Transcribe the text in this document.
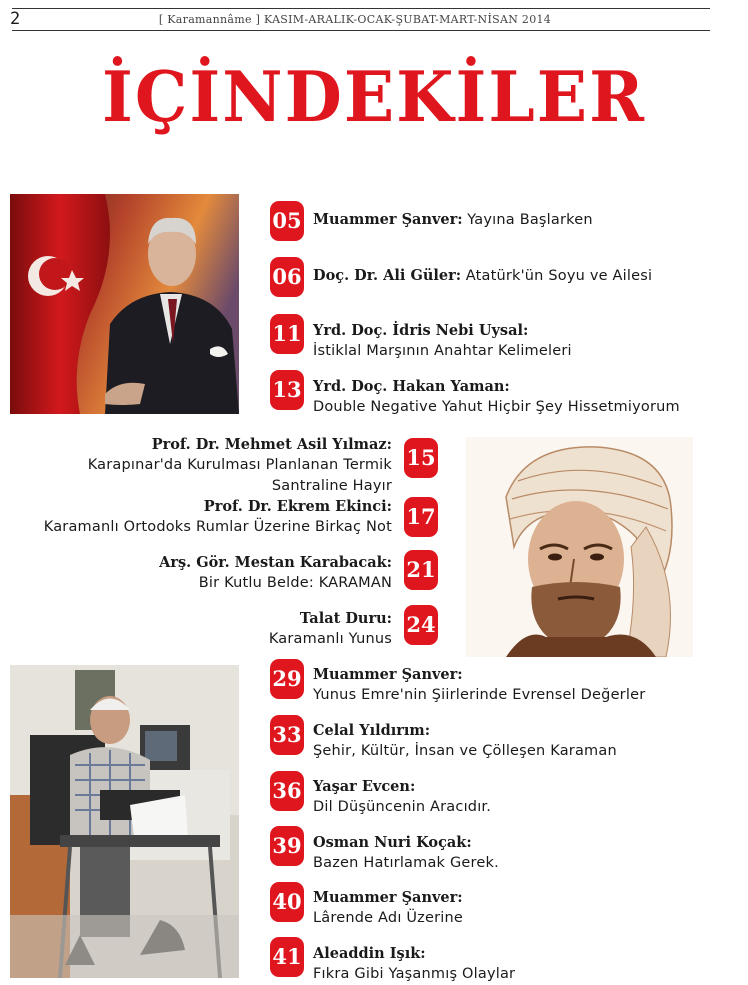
2	[ Karamannâme ] KASIM-ARALIK-OCAK-ŞUBAT-MART-NİSAN 2014
İÇİNDEKİLER
05 Muammer Şanver: Yayına Başlarken
06 Doç. Dr. Ali Güler: Atatürk'ün Soyu ve Ailesi
11 Yrd. Doç. İdris Nebi Uysal:
İstiklal Marşının Anahtar Kelimeleri
13 Yrd. Doç. Hakan Yaman:
Double Negative Yahut Hiçbir Şey Hissetmiyorum
Prof. Dr. Mehmet Asil Yılmaz:
Karapınar'da Kurulması Planlanan Termik
Santraline Hayır
15
Prof. Dr. Ekrem Ekinci:
Karamanlı Ortodoks Rumlar Üzerine Birkaç Not 17
Arş. Gör. Mestan Karabacak:
Bir Kutlu Belde: KARAMAN
21
Talat Duru:
Karamanlı Yunus
24
29 Muammer Şanver:
Yunus Emre'nin Şiirlerinde Evrensel Değerler
33 Celal Yıldırım:
Şehir, Kültür, İnsan ve Çölleşen Karaman
36 Yaşar Evcen:
Dil Düşüncenin Aracıdır.
39 Osman Nuri Koçak:
Bazen Hatırlamak Gerek.
40 Muammer Şanver:
Lârende Adı Üzerine
41 Aleaddin Işık:
Fıkra Gibi Yaşanmış Olaylar
